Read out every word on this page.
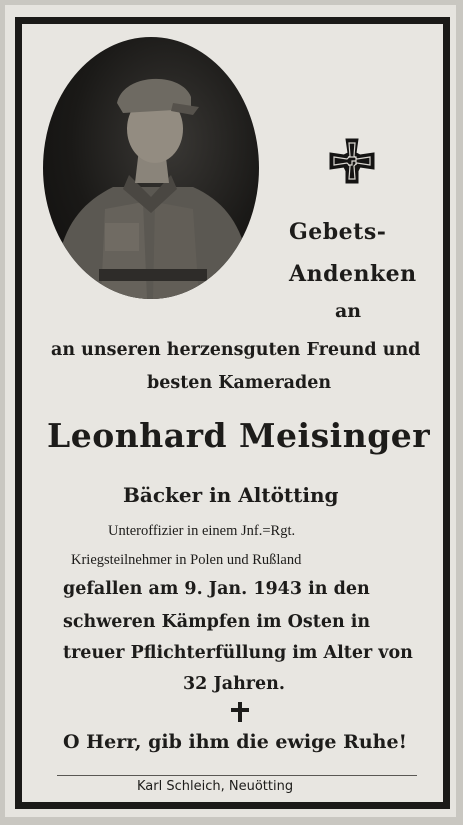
Gebets-
Andenken
an
an unseren herzensguten Freund und
besten Kameraden
Leonhard Meisinger
Bäcker in Altötting
Unteroffizier in einem Jnf.=Rgt.
Kriegsteilnehmer in Polen und Rußland
gefallen am 9. Jan. 1943 in den
schweren Kämpfen im Osten in
treuer Pflichterfüllung im Alter von
32 Jahren.
O Herr, gib ihm die ewige Ruhe!
Karl Schleich, Neuötting
